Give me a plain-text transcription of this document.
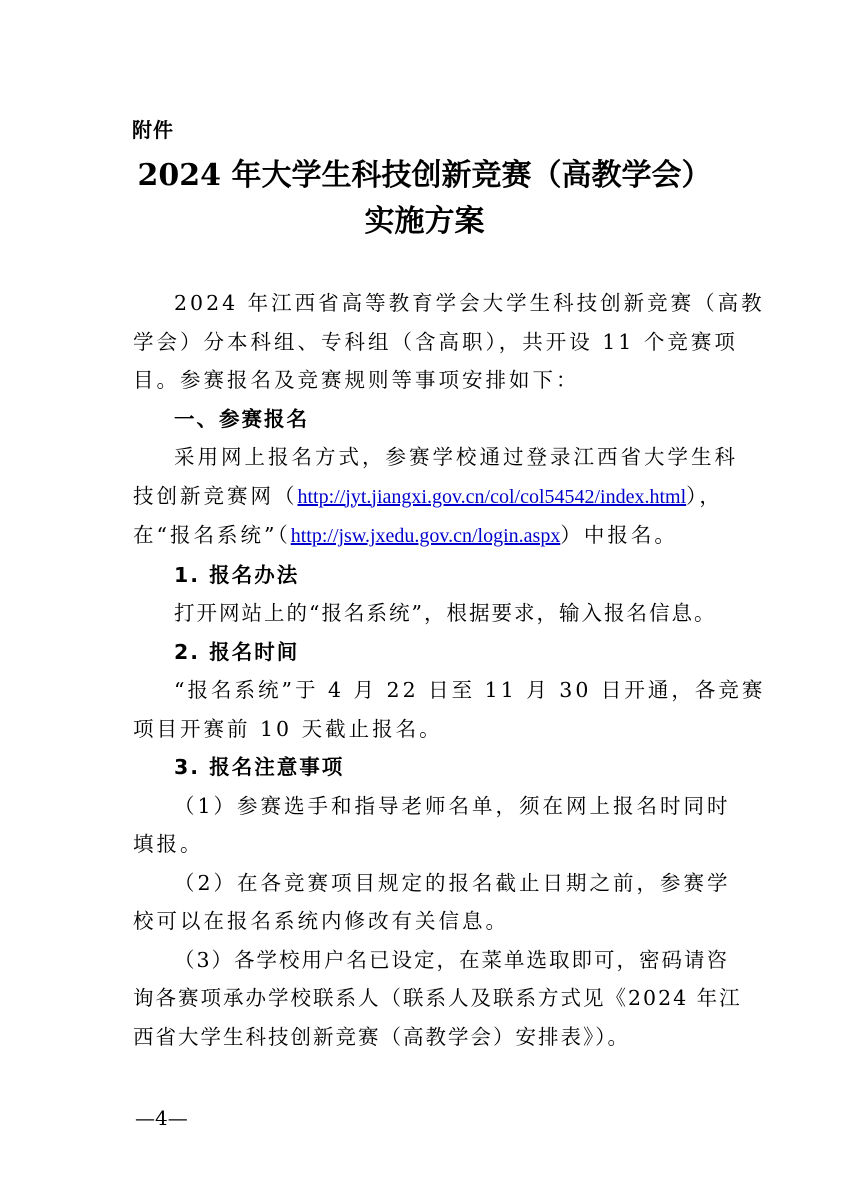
附件
2024 年大学生科技创新竞赛（高教学会）
实施方案
2024 年江西省高等教育学会大学生科技创新竞赛（高教
学会）分本科组、专科组（含高职），共开设 11 个竞赛项
目。参赛报名及竞赛规则等事项安排如下：
一、参赛报名
采用网上报名方式，参赛学校通过登录江西省大学生科
技创新竞赛网（http://jyt.jiangxi.gov.cn/col/col54542/index.html），
在“报名系统”（http://jsw.jxedu.gov.cn/login.aspx）中报名。
1. 报名办法
打开网站上的“报名系统”，根据要求，输入报名信息。
2. 报名时间
“报名系统”于 4 月 22 日至 11 月 30 日开通，各竞赛
项目开赛前 10 天截止报名。
3. 报名注意事项
（1）参赛选手和指导老师名单，须在网上报名时同时
填报。
（2）在各竞赛项目规定的报名截止日期之前，参赛学
校可以在报名系统内修改有关信息。
（3）各学校用户名已设定，在菜单选取即可，密码请咨
询各赛项承办学校联系人（联系人及联系方式见《2024 年江
西省大学生科技创新竞赛（高教学会）安排表》）。
—4—
